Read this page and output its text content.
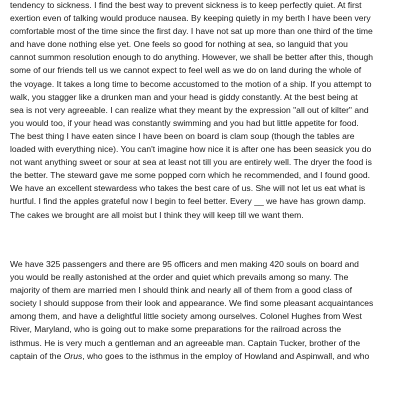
tendency to sickness. I find the best way to prevent sickness is to keep perfectly quiet. At first
exertion even of talking would produce nausea. By keeping quietly in my berth I have been very
comfortable most of the time since the first day. I have not sat up more than one third of the time
and have done nothing else yet. One feels so good for nothing at sea, so languid that you
cannot summon resolution enough to do anything. However, we shall be better after this, though
some of our friends tell us we cannot expect to feel well as we do on land during the whole of
the voyage. It takes a long time to become accustomed to the motion of a ship. If you attempt to
walk, you stagger like a drunken man and your head is giddy constantly. At the best being at
sea is not very agreeable. I can realize what they meant by the expression "all out of kilter" and
you would too, if your head was constantly swimming and you had but little appetite for food.
The best thing I have eaten since I have been on board is clam soup (though the tables are
loaded with everything nice). You can't imagine how nice it is after one has been seasick you do
not want anything sweet or sour at sea at least not till you are entirely well. The dryer the food is
the better. The steward gave me some popped corn which he recommended, and I found good.
We have an excellent stewardess who takes the best care of us. She will not let us eat what is
hurtful. I find the apples grateful now I begin to feel better. Every __ we have has grown damp.
The cakes we brought are all moist but I think they will keep till we want them.
We have 325 passengers and there are 95 officers and men making 420 souls on board and
you would be really astonished at the order and quiet which prevails among so many. The
majority of them are married men I should think and nearly all of them from a good class of
society I should suppose from their look and appearance. We find some pleasant acquaintances
among them, and have a delightful little society among ourselves. Colonel Hughes from West
River, Maryland, who is going out to make some preparations for the railroad across the
isthmus. He is very much a gentleman and an agreeable man. Captain Tucker, brother of the
captain of the Orus, who goes to the isthmus in the employ of Howland and Aspinwall, and who
